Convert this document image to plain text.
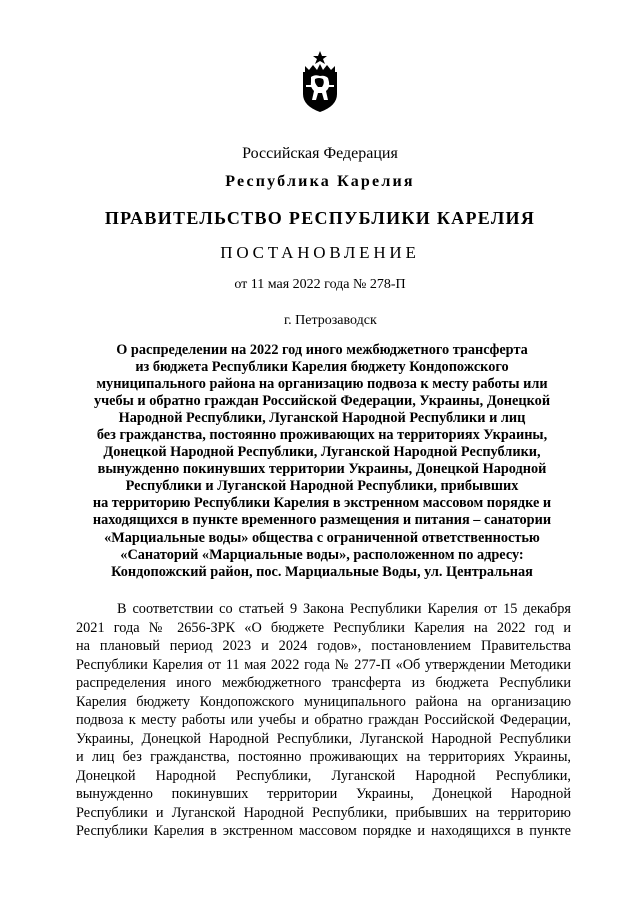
Российская Федерация
Республика Карелия
ПРАВИТЕЛЬСТВО РЕСПУБЛИКИ КАРЕЛИЯ
ПОСТАНОВЛЕНИЕ
от 11 мая 2022 года № 278-П
г. Петрозаводск
О распределении на 2022 год иного межбюджетного трансферта
из бюджета Республики Карелия бюджету Кондопожского
муниципального района на организацию подвоза к месту работы или
учебы и обратно граждан Российской Федерации, Украины, Донецкой
Народной Республики, Луганской Народной Республики и лиц
без гражданства, постоянно проживающих на территориях Украины,
Донецкой Народной Республики, Луганской Народной Республики,
вынужденно покинувших территории Украины, Донецкой Народной
Республики и Луганской Народной Республики, прибывших
на территорию Республики Карелия в экстренном массовом порядке и
находящихся в пункте временного размещения и питания – санатории
«Марциальные воды» общества с ограниченной ответственностью
«Санаторий «Марциальные воды», расположенном по адресу:
Кондопожский район, пос. Марциальные Воды, ул. Центральная
В соответствии со статьей 9 Закона Республики Карелия от 15 декабря
2021 года № 2656-ЗРК «О бюджете Республики Карелия на 2022 год и
на плановый период 2023 и 2024 годов», постановлением Правительства
Республики Карелия от 11 мая 2022 года № 277-П «Об утверждении Методики
распределения иного межбюджетного трансферта из бюджета Республики
Карелия бюджету Кондопожского муниципального района на организацию
подвоза к месту работы или учебы и обратно граждан Российской Федерации,
Украины, Донецкой Народной Республики, Луганской Народной Республики
и лиц без гражданства, постоянно проживающих на территориях Украины,
Донецкой Народной Республики, Луганской Народной Республики,
вынужденно покинувших территории Украины, Донецкой Народной
Республики и Луганской Народной Республики, прибывших на территорию
Республики Карелия в экстренном массовом порядке и находящихся в пункте
